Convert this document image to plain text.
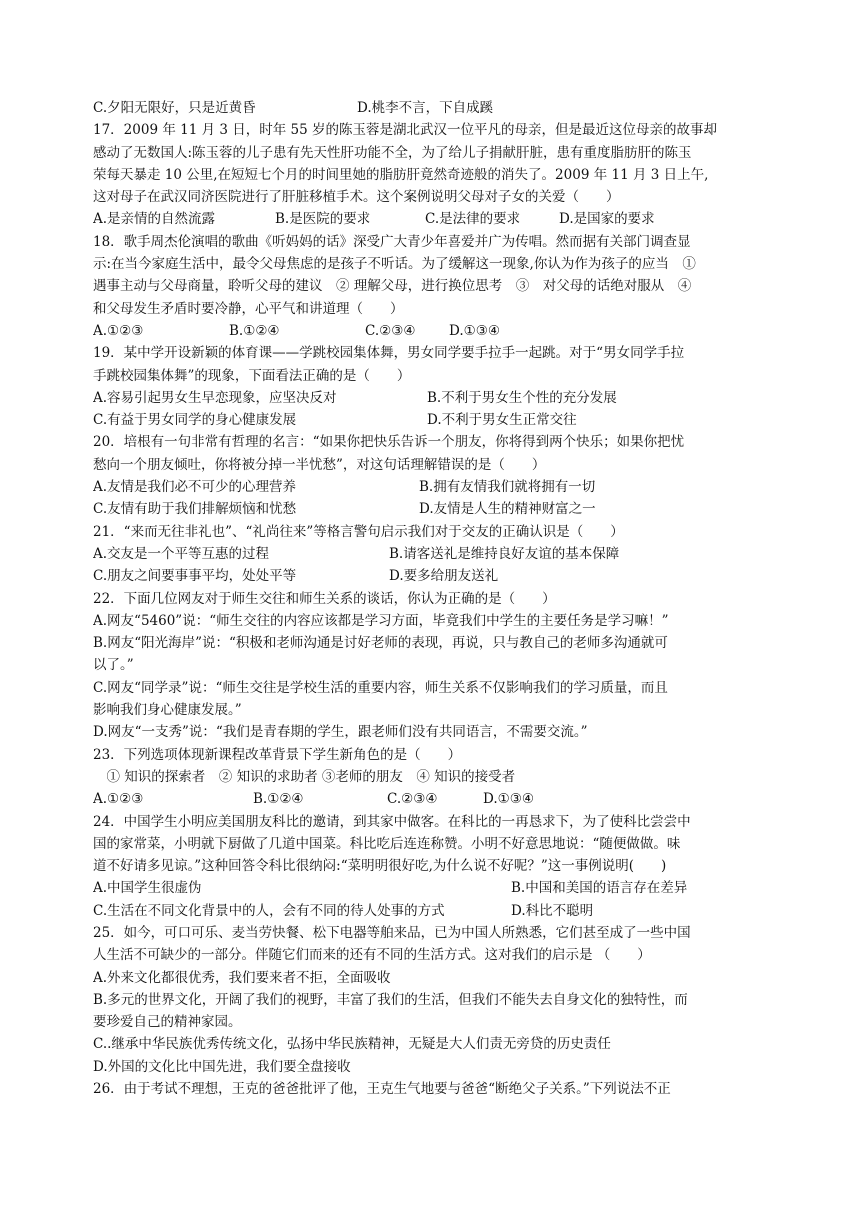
C.夕阳无限好，只是近黄昏	D.桃李不言，下自成蹊
17．2009 年 11 月 3 日，时年 55 岁的陈玉蓉是湖北武汉一位平凡的母亲，但是最近这位母亲的故事却
感动了无数国人:陈玉蓉的儿子患有先天性肝功能不全，为了给儿子捐献肝脏，患有重度脂肪肝的陈玉
荣每天暴走 10 公里,在短短七个月的时间里她的脂肪肝竟然奇迹般的消失了。2009 年 11 月 3 日上午,
这对母子在武汉同济医院进行了肝脏移植手术。这个案例说明父母对子女的关爱（　　）
A.是亲情的自然流露	B.是医院的要求	C.是法律的要求	D.是国家的要求
18．歌手周杰伦演唱的歌曲《听妈妈的话》深受广大青少年喜爱并广为传唱。然而据有关部门调查显
示:在当今家庭生活中，最令父母焦虑的是孩子不听话。为了缓解这一现象,你认为作为孩子的应当　①
遇事主动与父母商量，聆听父母的建议　② 理解父母，进行换位思考　③　对父母的话绝对服从　④
和父母发生矛盾时要冷静，心平气和讲道理（　　）
A.①②③	B.①②④	C.②③④ D.①③④
19．某中学开设新颖的体育课——学跳校园集体舞，男女同学要手拉手一起跳。对于“男女同学手拉
手跳校园集体舞”的现象，下面看法正确的是（　　）
A.容易引起男女生早恋现象，应坚决反对	B.不利于男女生个性的充分发展
C.有益于男女同学的身心健康发展	D.不利于男女生正常交往
20．培根有一句非常有哲理的名言：“如果你把快乐告诉一个朋友，你将得到两个快乐；如果你把忧
愁向一个朋友倾吐，你将被分掉一半忧愁”，对这句话理解错误的是（　　）
A.友情是我们必不可少的心理营养	B.拥有友情我们就将拥有一切
C.友情有助于我们排解烦恼和忧愁	D.友情是人生的精神财富之一
21．“来而无往非礼也”、“礼尚往来”等格言警句启示我们对于交友的正确认识是（　　）
A.交友是一个平等互惠的过程	B.请客送礼是维持良好友谊的基本保障
C.朋友之间要事事平均，处处平等	D.要多给朋友送礼
22．下面几位网友对于师生交往和师生关系的谈话，你认为正确的是（　　）
A.网友“5460”说：“师生交往的内容应该都是学习方面，毕竟我们中学生的主要任务是学习嘛！”
B.网友“阳光海岸”说：“积极和老师沟通是讨好老师的表现，再说，只与教自己的老师多沟通就可
以了。”
C.网友“同学录”说：“师生交往是学校生活的重要内容，师生关系不仅影响我们的学习质量，而且
影响我们身心健康发展。”
D.网友“一支秀”说：“我们是青春期的学生，跟老师们没有共同语言，不需要交流。”
23．下列选项体现新课程改革背景下学生新角色的是（　　）
　① 知识的探索者　② 知识的求助者 ③老师的朋友　④ 知识的接受者
A.①②③	B.①②④	C.②③④	D.①③④
24．中国学生小明应美国朋友科比的邀请，到其家中做客。在科比的一再恳求下，为了使科比尝尝中
国的家常菜，小明就下厨做了几道中国菜。科比吃后连连称赞。小明不好意思地说：“随便做做。味
道不好请多见谅。”这种回答令科比很纳闷:“菜明明很好吃,为什么说不好呢？”这一事例说明(　　)
A.中国学生很虚伪	B.中国和美国的语言存在差异
C.生活在不同文化背景中的人，会有不同的待人处事的方式	D.科比不聪明
25．如今，可口可乐、麦当劳快餐、松下电器等舶来品，已为中国人所熟悉，它们甚至成了一些中国
人生活不可缺少的一部分。伴随它们而来的还有不同的生活方式。这对我们的启示是 （　　）
A.外来文化都很优秀，我们要来者不拒，全面吸收
B.多元的世界文化，开阔了我们的视野，丰富了我们的生活，但我们不能失去自身文化的独特性，而
要珍爱自己的精神家园。
C..继承中华民族优秀传统文化，弘扬中华民族精神，无疑是大人们责无旁贷的历史责任
D.外国的文化比中国先进，我们要全盘接收
26．由于考试不理想，王克的爸爸批评了他，王克生气地要与爸爸“断绝父子关系。”下列说法不正
